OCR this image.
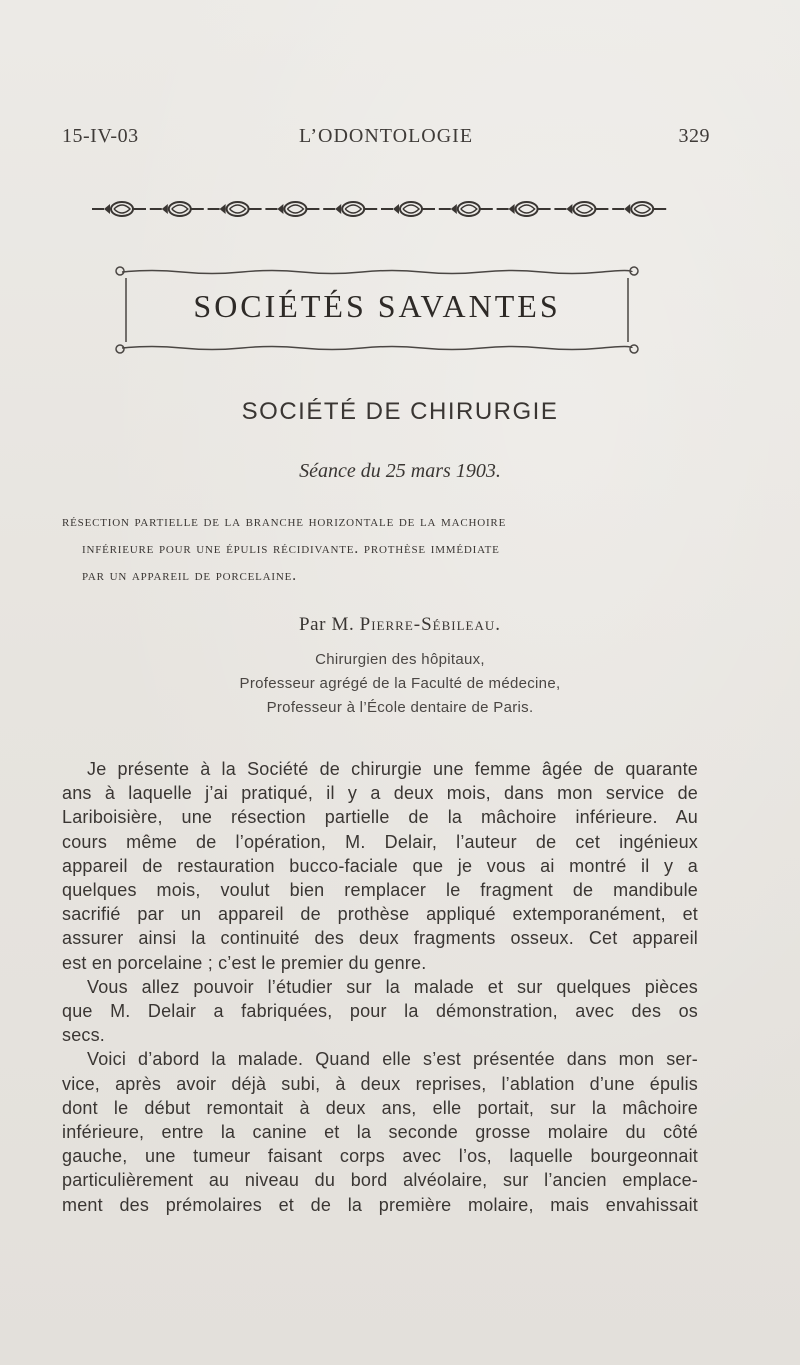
15-IV-03	L’ODONTOLOGIE	329
SOCIÉTÉS SAVANTES
SOCIÉTÉ DE CHIRURGIE
Séance du 25 mars 1903.
résection partielle de la branche horizontale de la machoire
inférieure pour une épulis récidivante. prothèse immédiate
par un appareil de porcelaine.
Par M. Pierre-Sébileau.
Chirurgien des hôpitaux,
Professeur agrégé de la Faculté de médecine,
Professeur à l’École dentaire de Paris.
Je présente à la Société de chirurgie une femme âgée de quarante
ans à laquelle j’ai pratiqué, il y a deux mois, dans mon service de
Lariboisière, une résection partielle de la mâchoire inférieure. Au
cours même de l’opération, M. Delair, l’auteur de cet ingénieux
appareil de restauration bucco-faciale que je vous ai montré il y a
quelques mois, voulut bien remplacer le fragment de mandibule
sacrifié par un appareil de prothèse appliqué extemporanément, et
assurer ainsi la continuité des deux fragments osseux. Cet appareil
est en porcelaine ; c’est le premier du genre.
Vous allez pouvoir l’étudier sur la malade et sur quelques pièces
que M. Delair a fabriquées, pour la démonstration, avec des os
secs.
Voici d’abord la malade. Quand elle s’est présentée dans mon ser-
vice, après avoir déjà subi, à deux reprises, l’ablation d’une épulis
dont le début remontait à deux ans, elle portait, sur la mâchoire
inférieure, entre la canine et la seconde grosse molaire du côté
gauche, une tumeur faisant corps avec l’os, laquelle bourgeonnait
particulièrement au niveau du bord alvéolaire, sur l’ancien emplace-
ment des prémolaires et de la première molaire, mais envahissait
